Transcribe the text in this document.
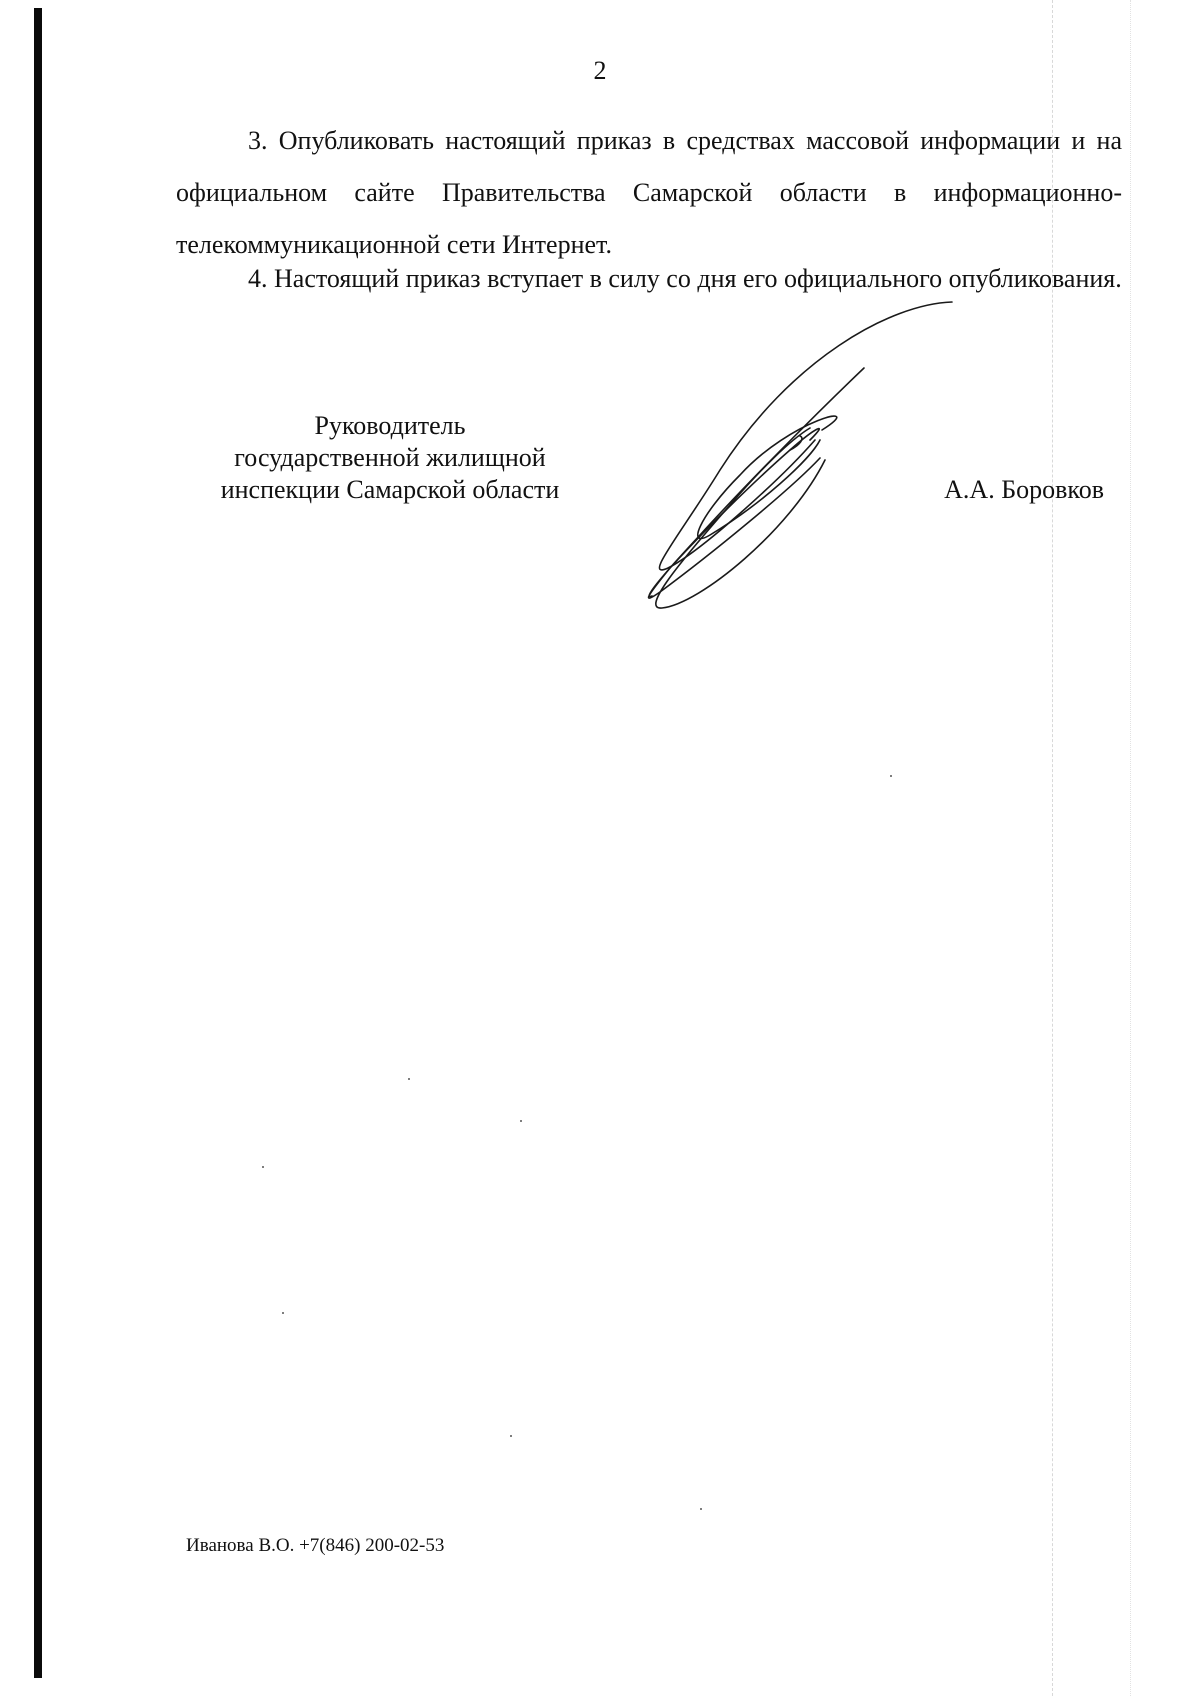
2

3. Опубликовать настоящий приказ в средствах массовой информации и на официальном сайте Правительства Самарской области в информационно-телекоммуникационной сети Интернет.

4. Настоящий приказ вступает в силу со дня его официального опубликования.

Руководитель
государственной жилищной
инспекции Самарской области	А.А. Боровков
Иванова В.О. +7(846) 200-02-53
